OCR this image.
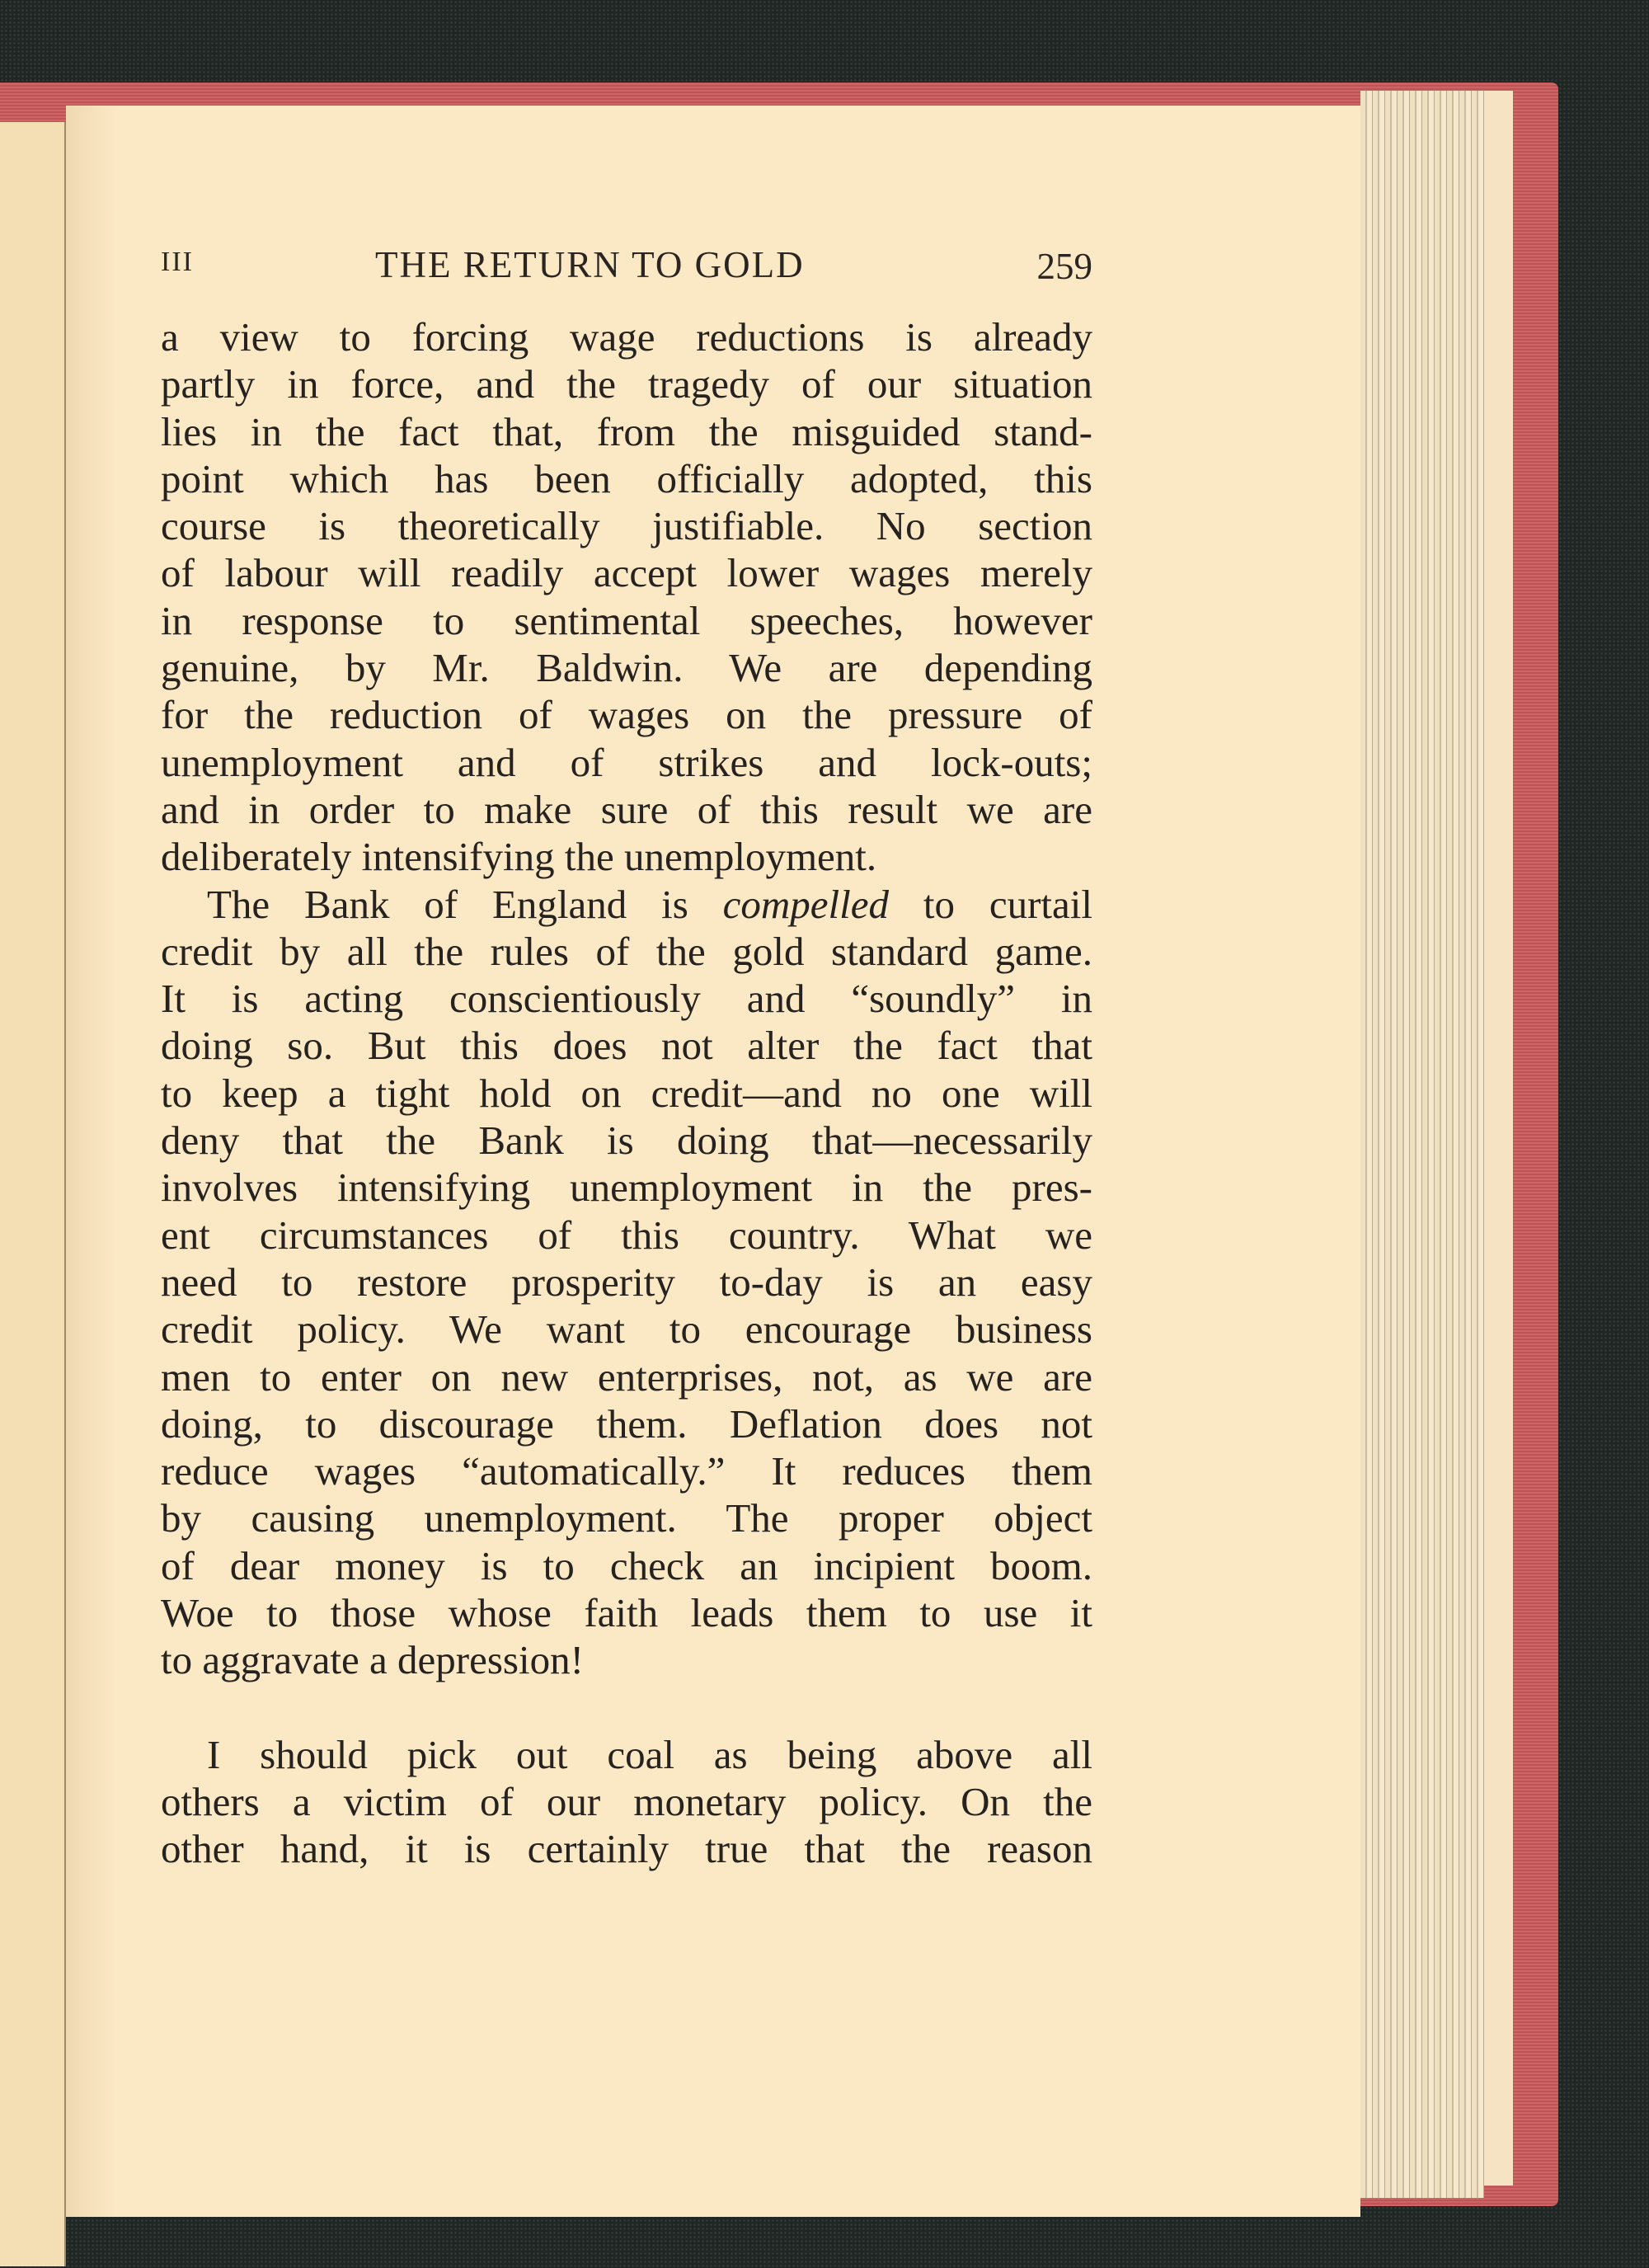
III	THE RETURN TO GOLD	259
a view to forcing wage reductions is already
partly in force, and the tragedy of our situation
lies in the fact that, from the misguided stand-
point which has been officially adopted, this
course is theoretically justifiable. No section
of labour will readily accept lower wages merely
in response to sentimental speeches, however
genuine, by Mr. Baldwin. We are depending
for the reduction of wages on the pressure of
unemployment and of strikes and lock-outs;
and in order to make sure of this result we are
deliberately intensifying the unemployment.
The Bank of England is compelled to curtail
credit by all the rules of the gold standard game.
It is acting conscientiously and “soundly” in
doing so. But this does not alter the fact that
to keep a tight hold on credit—and no one will
deny that the Bank is doing that—necessarily
involves intensifying unemployment in the pres-
ent circumstances of this country. What we
need to restore prosperity to-day is an easy
credit policy. We want to encourage business
men to enter on new enterprises, not, as we are
doing, to discourage them. Deflation does not
reduce wages “automatically.” It reduces them
by causing unemployment. The proper object
of dear money is to check an incipient boom.
Woe to those whose faith leads them to use it
to aggravate a depression!
I should pick out coal as being above all
others a victim of our monetary policy. On the
other hand, it is certainly true that the reason
